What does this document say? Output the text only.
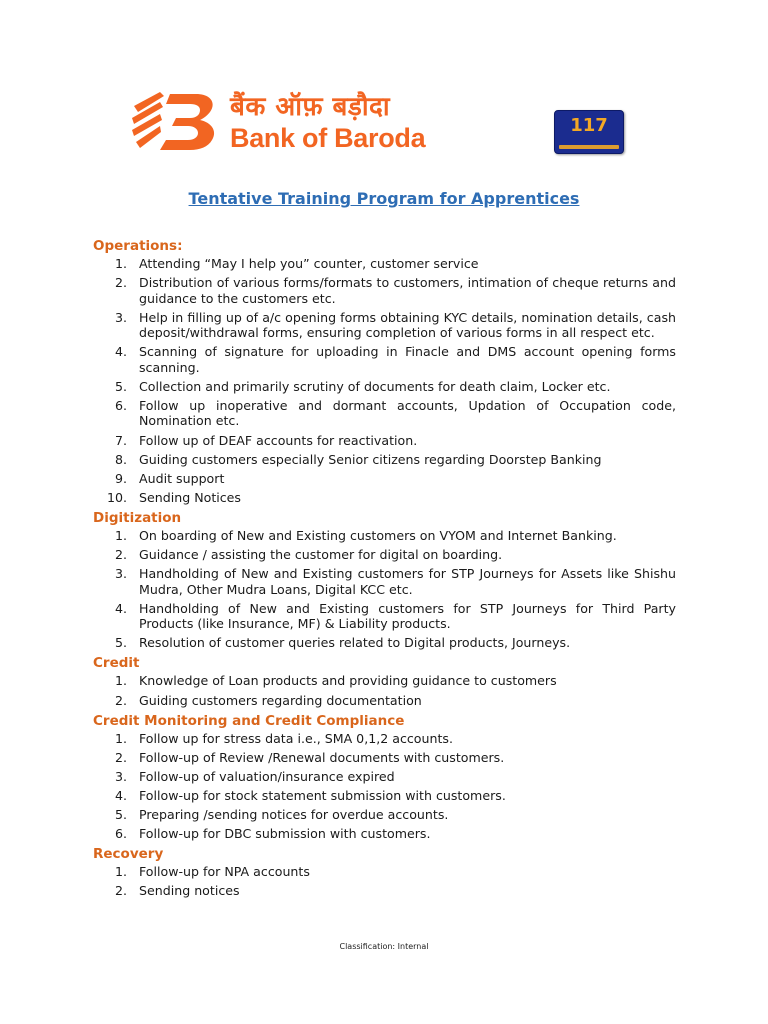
बैंक ऑफ़ बड़ौदा
Bank of Baroda	117
Tentative Training Program for Apprentices
Operations:
1. Attending “May I help you” counter, customer service
2. Distribution of various forms/formats to customers, intimation of cheque returns and guidance to the customers etc.
3. Help in filling up of a/c opening forms obtaining KYC details, nomination details, cash deposit/withdrawal forms, ensuring completion of various forms in all respect etc.
4. Scanning of signature for uploading in Finacle and DMS account opening forms scanning.
5. Collection and primarily scrutiny of documents for death claim, Locker etc.
6. Follow up inoperative and dormant accounts, Updation of Occupation code, Nomination etc.
7. Follow up of DEAF accounts for reactivation.
8. Guiding customers especially Senior citizens regarding Doorstep Banking
9. Audit support
10. Sending Notices
Digitization
1. On boarding of New and Existing customers on VYOM and Internet Banking.
2. Guidance / assisting the customer for digital on boarding.
3. Handholding of New and Existing customers for STP Journeys for Assets like Shishu Mudra, Other Mudra Loans, Digital KCC etc.
4. Handholding of New and Existing customers for STP Journeys for Third Party Products (like Insurance, MF) & Liability products.
5. Resolution of customer queries related to Digital products, Journeys.
Credit
1. Knowledge of Loan products and providing guidance to customers
2. Guiding customers regarding documentation
Credit Monitoring and Credit Compliance
1. Follow up for stress data i.e., SMA 0,1,2 accounts.
2. Follow-up of Review /Renewal documents with customers.
3. Follow-up of valuation/insurance expired
4. Follow-up for stock statement submission with customers.
5. Preparing /sending notices for overdue accounts.
6. Follow-up for DBC submission with customers.
Recovery
1. Follow-up for NPA accounts
2. Sending notices
Classification: Internal
